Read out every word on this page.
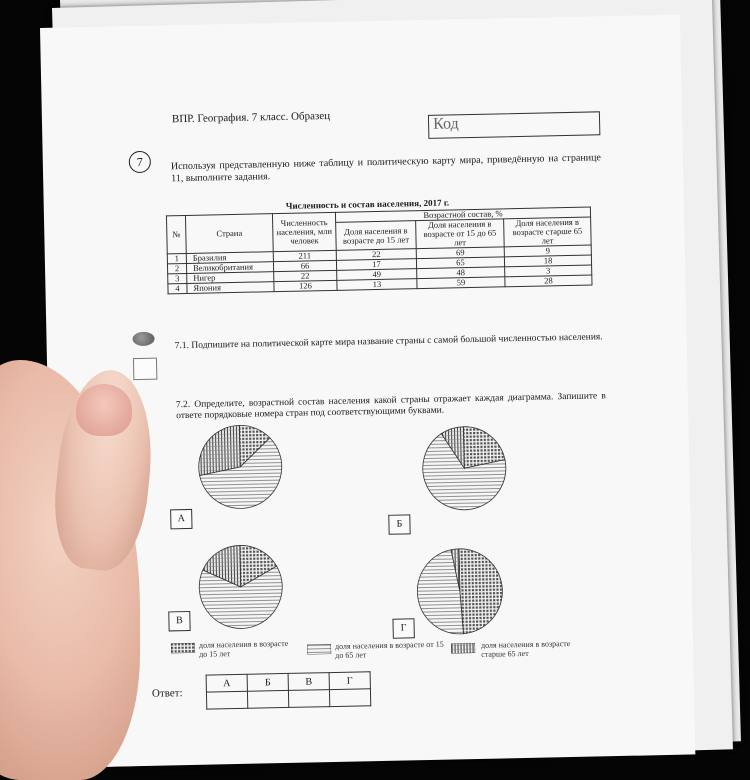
ВПР. География. 7 класс. Образец	Код
7	Используя представленную ниже таблицу и политическую карту мира, приведённую на странице 11, выполните задания.
Численность и состав населения, 2017 г.
№	Страна	Численность населения, млн человек	Возрастной состав, %		
			Доля населения в возрасте до 15 лет	Доля населения в возрасте от 15 до 65 лет	Доля населения в возрасте старше 65 лет
1	Бразилия	211	22	69	9
2	Великобритания	66	17	65	18
3	Нигер	22	49	48	3
4	Япония	126	13	59	28
7.1. Подпишите на политической карте мира название страны с самой большой численностью населения.
7.2. Определите, возрастной состав населения какой страны отражает каждая диаграмма. Запишите в ответе порядковые номера стран под соответствующими буквами.
А	Б
В
Г
доля населения в возрасте до 15 лет
доля населения в возрасте от 15 до 65 лет
доля населения в возрасте старше 65 лет
Ответ:
А	Б	В	Г
